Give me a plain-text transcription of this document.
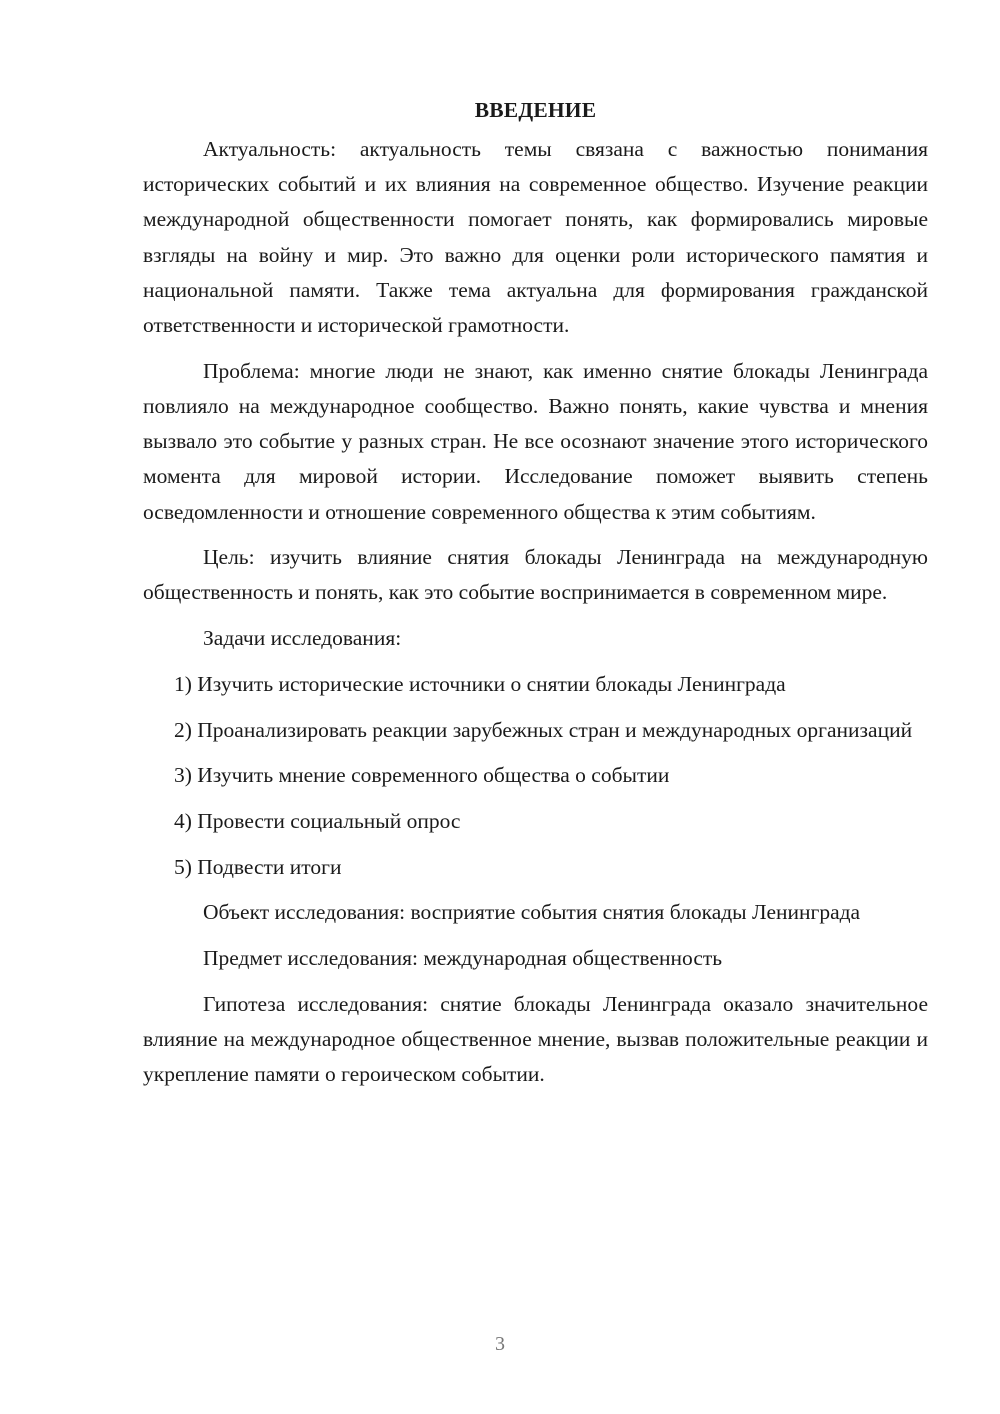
ВВЕДЕНИЕ

Актуальность: актуальность темы связана с важностью понимания исторических событий и их влияния на современное общество. Изучение реакции международной общественности помогает понять, как формировались мировые взгляды на войну и мир. Это важно для оценки роли исторического памятия и национальной памяти. Также тема актуальна для формирования гражданской ответственности и исторической грамотности.

Проблема: многие люди не знают, как именно снятие блокады Ленинграда повлияло на международное сообщество. Важно понять, какие чувства и мнения вызвало это событие у разных стран. Не все осознают значение этого исторического момента для мировой истории. Исследование поможет выявить степень осведомленности и отношение современного общества к этим событиям.

Цель: изучить влияние снятия блокады Ленинграда на международную общественность и понять, как это событие воспринимается в современном мире.

Задачи исследования:

1) Изучить исторические источники о снятии блокады Ленинграда

2) Проанализировать реакции зарубежных стран и международных организаций

3) Изучить мнение современного общества о событии

4) Провести социальный опрос

5) Подвести итоги

Объект исследования: восприятие события снятия блокады Ленинграда

Предмет исследования: международная общественность

Гипотеза исследования: снятие блокады Ленинграда оказало значительное влияние на международное общественное мнение, вызвав положительные реакции и укрепление памяти о героическом событии.

3
